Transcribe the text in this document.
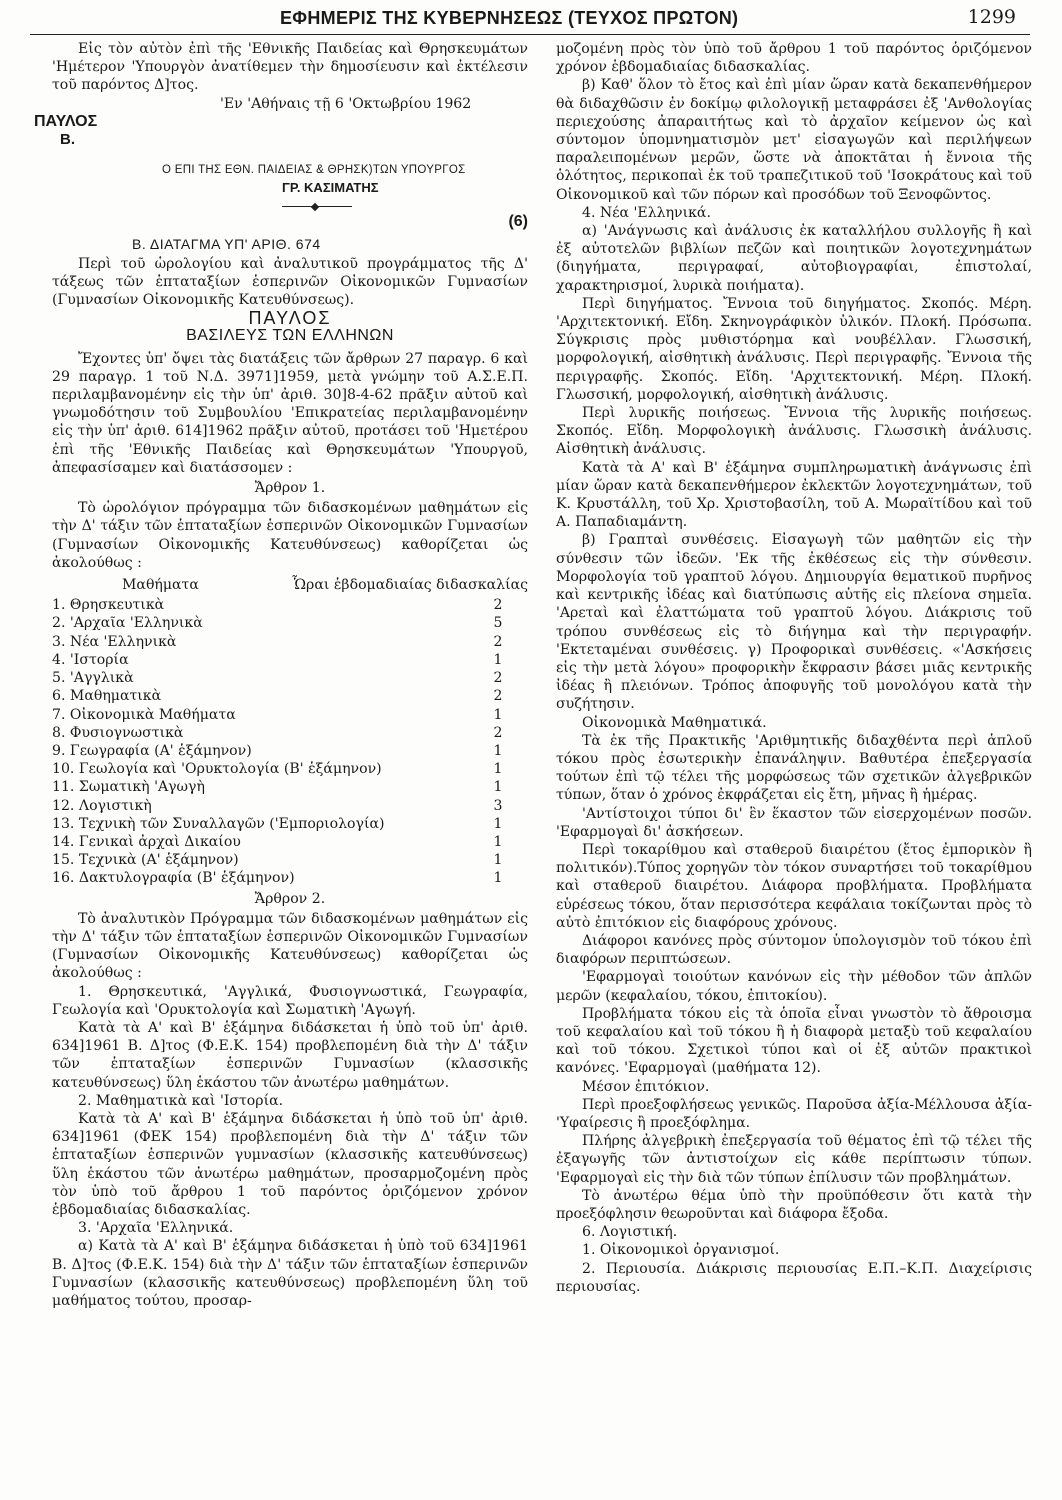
ΕΦΗΜΕΡΙΣ ΤΗΣ ΚΥΒΕΡΝΗΣΕΩΣ (ΤΕΥΧΟΣ ΠΡΩΤΟΝ)	1299

Εἰς τὸν αὐτὸν ἐπὶ τῆς 'Εθνικῆς Παιδείας καὶ Θρησκευμάτων 'Ημέτερον 'Υπουργὸν ἀνατίθεμεν τὴν δημοσίευσιν καὶ ἐκτέλεσιν τοῦ παρόντος Δ]τος.

'Εν 'Αθήναις τῇ 6 'Οκτωβρίου 1962
ΠΑΥΛΟΣ
Β.
Ο ΕΠΙ ΤΗΣ ΕΘΝ. ΠΑΙΔΕΙΑΣ & ΘΡΗΣΚ)ΤΩΝ ΥΠΟΥΡΓΟΣ
ΓΡ. ΚΑΣΙΜΑΤΗΣ
(6)
Β. ΔΙΑΤΑΓΜΑ ΥΠ' ΑΡΙΘ. 674

Περὶ τοῦ ὡρολογίου καὶ ἀναλυτικοῦ προγράμματος τῆς Δ' τάξεως τῶν ἑπταταξίων ἑσπερινῶν Οἰκονομικῶν Γυμνασίων (Γυμνασίων Οἰκονομικῆς Κατευθύνσεως).

ΠΑΥΛΟΣ
ΒΑΣΙΛΕΥΣ ΤΩΝ ΕΛΛΗΝΩΝ

Ἔχοντες ὑπ' ὄψει τὰς διατάξεις τῶν ἄρθρων 27 παραγρ. 6 καὶ 29 παραγρ. 1 τοῦ Ν.Δ. 3971]1959, μετὰ γνώμην τοῦ Α.Σ.Ε.Π. περιλαμβανομένην εἰς τὴν ὑπ' ἀριθ. 30]8-4-62 πρᾶξιν αὐτοῦ καὶ γνωμοδότησιν τοῦ Συμβουλίου 'Επικρατείας περιλαμβανομένην εἰς τὴν ὑπ' ἀριθ. 614]1962 πρᾶξιν αὐτοῦ, προτάσει τοῦ 'Ημετέρου ἐπὶ τῆς 'Εθνικῆς Παιδείας καὶ Θρησκευμάτων 'Υπουργοῦ, ἀπεφασίσαμεν καὶ διατάσσομεν :

Ἄρθρον 1.

Τὸ ὡρολόγιον πρόγραμμα τῶν διδασκομένων μαθημάτων εἰς τὴν Δ' τάξιν τῶν ἑπταταξίων ἑσπερινῶν Οἰκονομικῶν Γυμνασίων (Γυμνασίων Οἰκονομικῆς Κατευθύνσεως) καθορίζεται ὡς ἀκολούθως :

Μαθήματα	Ὧραι ἑβδομαδιαίας διδασκαλίας
1. Θρησκευτικὰ	2
2. 'Αρχαῖα 'Ελληνικὰ	5
3. Νέα 'Ελληνικὰ	2
4. 'Ιστορία	1
5. 'Αγγλικὰ	2
6. Μαθηματικὰ	2
7. Οἰκονομικὰ Μαθήματα	1
8. Φυσιογνωστικὰ	2
9. Γεωγραφία (Α' ἑξάμηνον)	1
10. Γεωλογία καὶ 'Ορυκτολογία (Β' ἑξάμηνον)	1
11. Σωματικὴ 'Αγωγὴ	1
12. Λογιστικὴ	3
13. Τεχνικὴ τῶν Συναλλαγῶν ('Εμπoριολογία)	1
14. Γενικαὶ ἀρχαὶ Δικαίου	1
15. Τεχνικὰ (Α' ἑξάμηνον)	1
16. Δακτυλογραφία (Β' ἑξάμηνον)	1
Ἄρθρον 2.

Τὸ ἀναλυτικὸν Πρόγραμμα τῶν διδασκομένων μαθημάτων εἰς τὴν Δ' τάξιν τῶν ἑπταταξίων ἑσπερινῶν Οἰκονομικῶν Γυμνασίων (Γυμνασίων Οἰκονομικῆς Κατευθύνσεως) καθορίζεται ὡς ἀκολούθως :

1. Θρησκευτικά, 'Αγγλικά, Φυσιογνωστικά, Γεωγραφία, Γεωλογία καὶ 'Ορυκτολογία καὶ Σωματικὴ 'Αγωγή.

Κατὰ τὰ Α' καὶ Β' ἑξάμηνα διδάσκεται ἡ ὑπὸ τοῦ ὑπ' ἀριθ. 634]1961 Β. Δ]τος (Φ.Ε.Κ. 154) προβλεπομένη διὰ τὴν Δ' τάξιν τῶν ἑπταταξίων ἑσπερινῶν Γυμνασίων (κλασσικῆς κατευθύνσεως) ὕλη ἑκάστου τῶν ἀνωτέρω μαθημάτων.

2. Μαθηματικὰ καὶ 'Ιστορία.

Κατὰ τὰ Α' καὶ Β' ἑξάμηνα διδάσκεται ἡ ὑπὸ τοῦ ὑπ' ἀριθ. 634]1961 (ΦΕΚ 154) προβλεπομένη διὰ τὴν Δ' τάξιν τῶν ἑπταταξίων ἑσπερινῶν γυμνασίων (κλασσικῆς κατευθύνσεως) ὕλη ἑκάστου τῶν ἀνωτέρω μαθημάτων, προσαρμοζομένη πρὸς τὸν ὑπὸ τοῦ ἄρθρου 1 τοῦ παρόντος ὁριζόμενον χρόνον ἑβδομαδιαίας διδασκαλίας.

3. 'Αρχαῖα 'Ελληνικά.

α) Κατὰ τὰ Α' καὶ Β' ἑξάμηνα διδάσκεται ἡ ὑπὸ τοῦ 634]1961 Β. Δ]τος (Φ.Ε.Κ. 154) διὰ τὴν Δ' τάξιν τῶν ἑπταταξίων ἑσπερινῶν Γυμνασίων (κλασσικῆς κατευθύνσεως) προβλεπομένη ὕλη τοῦ μαθήματος τούτου, προσαρ-

μοζομένη πρὸς τὸν ὑπὸ τοῦ ἄρθρου 1 τοῦ παρόντος ὁριζόμενον χρόνον ἑβδομαδιαίας διδασκαλίας.

β) Καθ' ὅλον τὸ ἔτος καὶ ἐπὶ μίαν ὥραν κατὰ δεκαπενθήμερον θὰ διδαχθῶσιν ἐν δοκίμῳ φιλολογικῇ μεταφράσει ἐξ 'Ανθολογίας περιεχούσης ἀπαραιτήτως καὶ τὸ ἀρχαῖον κείμενον ὡς καὶ σύντομον ὑπομνηματισμὸν μετ' εἰσαγωγῶν καὶ περιλήψεων παραλειπομένων μερῶν, ὥστε νὰ ἀποκτᾶται ἡ ἔννοια τῆς ὁλότητος, περικοπαὶ ἐκ τοῦ τραπεζιτικοῦ τοῦ 'Ισοκράτους καὶ τοῦ Οἰκονομικοῦ καὶ τῶν πόρων καὶ προσόδων τοῦ Ξενοφῶντος.

4. Νέα 'Ελληνικά.

α) 'Ανάγνωσις καὶ ἀνάλυσις ἐκ καταλλήλου συλλογῆς ἢ καὶ ἐξ αὐτοτελῶν βιβλίων πεζῶν καὶ ποιητικῶν λογοτεχνημάτων (διηγήματα, περιγραφαί, αὐτοβιογραφίαι, ἐπιστολαί, χαρακτηρισμοί, λυρικὰ ποιήματα).

Περὶ διηγήματος. Ἔννοια τοῦ διηγήματος. Σκοπός. Μέρη. 'Αρχιτεκτονική. Εἴδη. Σκηνογράφικὸν ὑλικόν. Πλοκή. Πρόσωπα. Σύγκρισις πρὸς μυθιστόρημα καὶ νουβέλλαν. Γλωσσική, μορφολογική, αἰσθητικὴ ἀνάλυσις. Περὶ περιγραφῆς. Ἔννοια τῆς περιγραφῆς. Σκοπός. Εἴδη. 'Αρχιτεκτονική. Μέρη. Πλοκή. Γλωσσική, μορφολογική, αἰσθητικὴ ἀνάλυσις.

Περὶ λυρικῆς ποιήσεως. Ἔννοια τῆς λυρικῆς ποιήσεως. Σκοπός. Εἴδη. Μορφολογικὴ ἀνάλυσις. Γλωσσικὴ ἀνάλυσις. Αἰσθητικὴ ἀνάλυσις.

Κατὰ τὰ Α' καὶ Β' ἑξάμηνα συμπληρωματικὴ ἀνάγνωσις ἐπὶ μίαν ὥραν κατὰ δεκαπενθήμερον ἐκλεκτῶν λογοτεχνημάτων, τοῦ Κ. Κρυστάλλη, τοῦ Χρ. Χριστοβασίλη, τοῦ Α. Μωραϊτίδου καὶ τοῦ Α. Παπαδιαμάντη.

β) Γραπταὶ συνθέσεις. Εἰσαγωγὴ τῶν μαθητῶν εἰς τὴν σύνθεσιν τῶν ἰδεῶν. 'Εκ τῆς ἐκθέσεως εἰς τὴν σύνθεσιν. Μορφολογία τοῦ γραπτοῦ λόγου. Δημιουργία θεματικοῦ πυρῆνος καὶ κεντρικῆς ἰδέας καὶ διατύπωσις αὐτῆς εἰς πλείονα σημεῖα. 'Αρεταὶ καὶ ἐλαττώματα τοῦ γραπτοῦ λόγου. Διάκρισις τοῦ τρόπου συνθέσεως εἰς τὸ διήγημα καὶ τὴν περιγραφήν. 'Εκτεταμέναι συνθέσεις. γ) Προφορικαὶ συνθέσεις. «'Ασκήσεις εἰς τὴν μετὰ λόγου» προφορικὴν ἔκφρασιν βάσει μιᾶς κεντρικῆς ἰδέας ἢ πλειόνων. Τρόπος ἀποφυγῆς τοῦ μονολόγου κατὰ τὴν συζήτησιν.

Οἰκονομικὰ Μαθηματικά.

Τὰ ἐκ τῆς Πρακτικῆς 'Αριθμητικῆς διδαχθέντα περὶ ἁπλοῦ τόκου πρὸς ἐσωτερικὴν ἐπανάληψιν. Βαθυτέρα ἐπεξεργασία τούτων ἐπὶ τῷ τέλει τῆς μορφώσεως τῶν σχετικῶν ἀλγεβρικῶν τύπων, ὅταν ὁ χρόνος ἐκφράζεται εἰς ἔτη, μῆνας ἢ ἡμέρας.

'Αντίστοιχοι τύποι δι' ἓν ἕκαστον τῶν εἰσερχομένων ποσῶν. 'Εφαρμογαὶ δι' ἀσκήσεων.

Περὶ τοκαρίθμου καὶ σταθεροῦ διαιρέτου (ἔτος ἐμπορικὸν ἢ πολιτικόν).Τύπος χορηγῶν τὸν τόκον συναρτήσει τοῦ τοκαρίθμου καὶ σταθεροῦ διαιρέτου. Διάφορα προβλήματα. Προβλήματα εὑρέσεως τόκου, ὅταν περισσότερα κεφάλαια τοκίζωνται πρὸς τὸ αὐτὸ ἐπιτόκιον εἰς διαφόρους χρόνους.

Διάφοροι κανόνες πρὸς σύντομον ὑπολογισμὸν τοῦ τόκου ἐπὶ διαφόρων περιπτώσεων.

'Εφαρμογαὶ τοιούτων κανόνων εἰς τὴν μέθοδον τῶν ἀπλῶν μερῶν (κεφαλαίου, τόκου, ἐπιτοκίου).

Προβλήματα τόκου εἰς τὰ ὁποῖα εἶναι γνωστὸν τὸ ἄθροισμα τοῦ κεφαλαίου καὶ τοῦ τόκου ἢ ἡ διαφορὰ μεταξὺ τοῦ κεφαλαίου καὶ τοῦ τόκου. Σχετικοὶ τύποι καὶ οἱ ἐξ αὐτῶν πρακτικοὶ κανόνες. 'Εφαρμογαὶ (μαθήματα 12).

Μέσον ἐπιτόκιον.

Περὶ προεξοφλήσεως γενικῶς. Παροῦσα ἀξία-Μέλλουσα ἀξία-'Υφαίρεσις ἢ προεξόφλημα.

Πλήρης ἀλγεβρικὴ ἐπεξεργασία τοῦ θέματος ἐπὶ τῷ τέλει τῆς ἐξαγωγῆς τῶν ἀντιστοίχων εἰς κάθε περίπτωσιν τύπων. 'Εφαρμογαὶ εἰς τὴν διὰ τῶν τύπων ἐπίλυσιν τῶν προβλημάτων.

Τὸ ἀνωτέρω θέμα ὑπὸ τὴν προϋπόθεσιν ὅτι κατὰ τὴν προεξόφλησιν θεωροῦνται καὶ διάφορα ἔξοδα.

6. Λογιστική.

1. Οἰκονομικοὶ ὀργανισμοί.

2. Περιουσία. Διάκρισις περιουσίας Ε.Π.–Κ.Π. Διαχείρισις περιουσίας.
